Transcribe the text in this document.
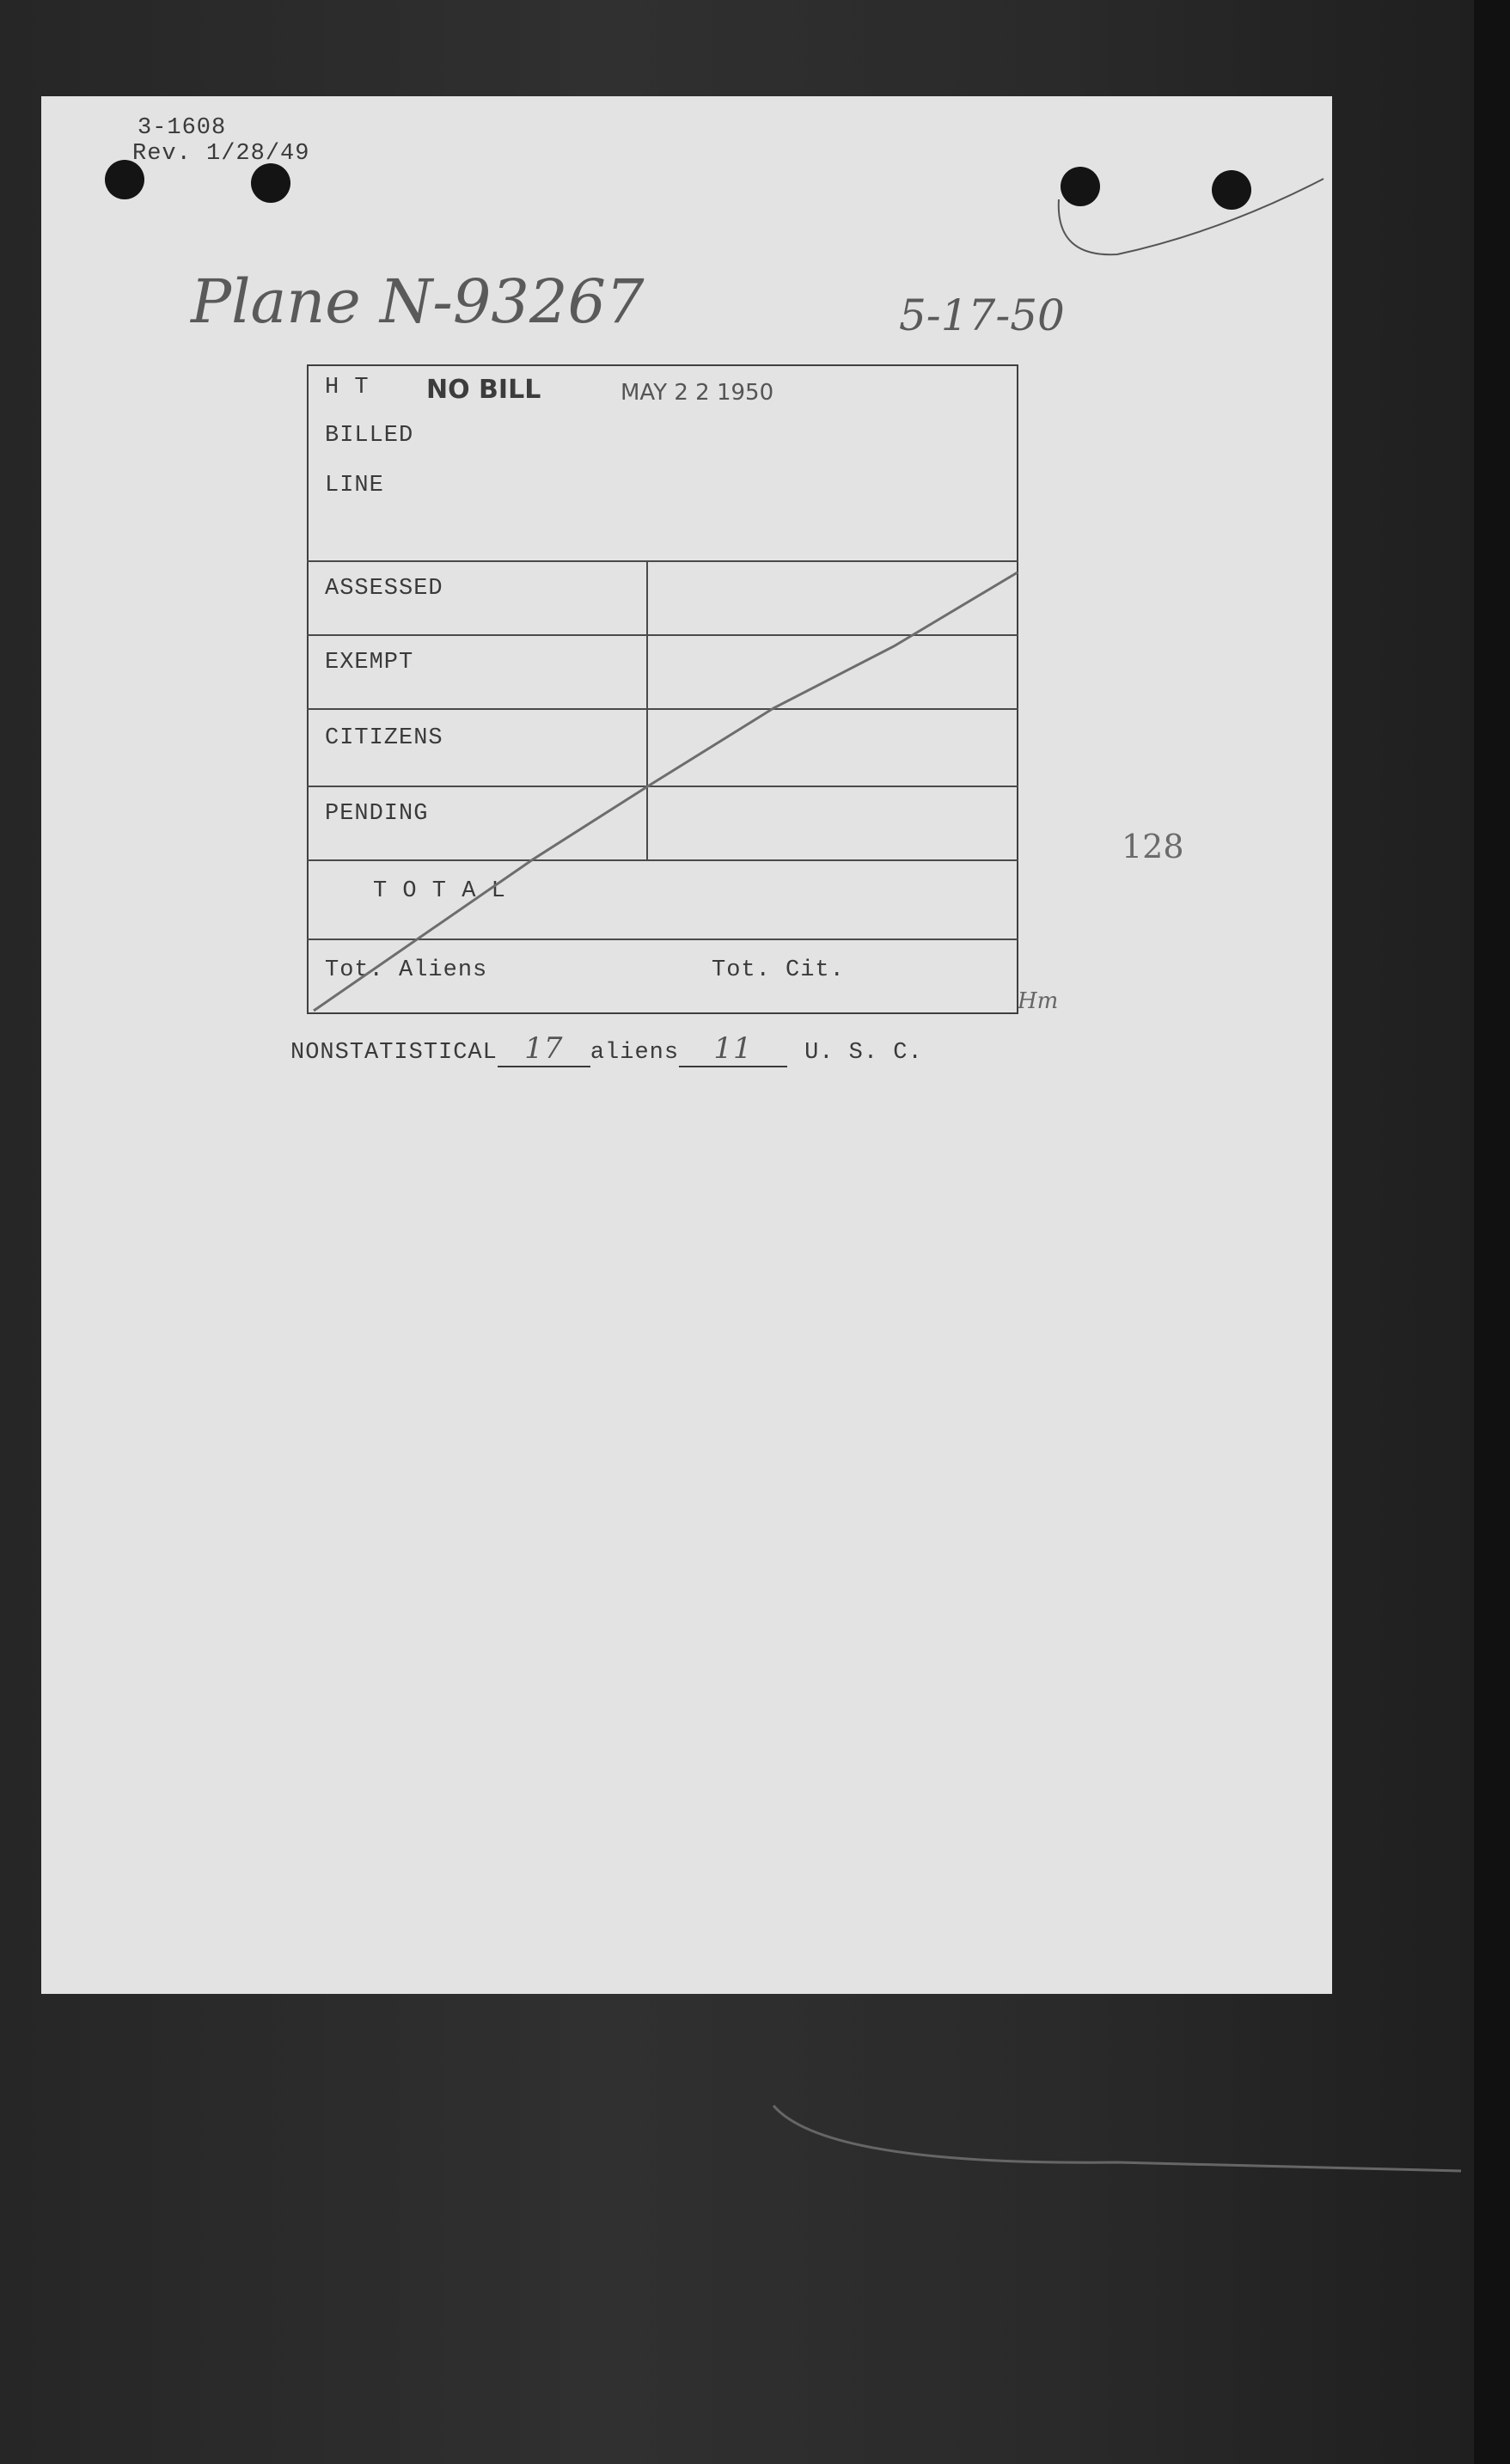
3-1608
Rev. 1/28/49
Plane N-93267	5-17-50
Hm
NO BILL	MAY 2 2 1950
H T
BILLED
LINE
ASSESSED
EXEMPT
CITIZENS
PENDING
T O T A L
Tot. Aliens	Tot. Cit.
NONSTATISTICAL 17 aliens 11 U. S. C.
128
